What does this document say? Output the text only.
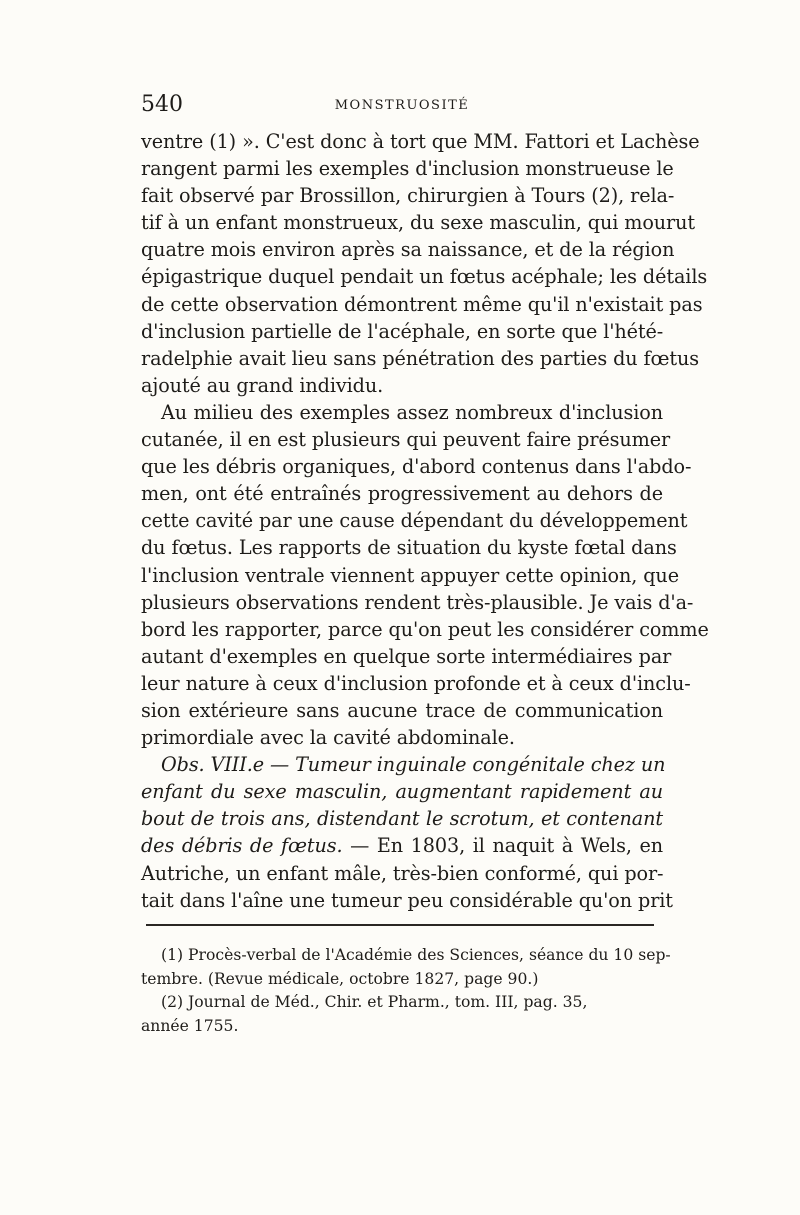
540	MONSTRUOSITÉ
ventre (1) ». C'est donc à tort que MM. Fattori et Lachèse
rangent parmi les exemples d'inclusion monstrueuse le
fait observé par Brossillon, chirurgien à Tours (2), rela-
tif à un enfant monstrueux, du sexe masculin, qui mourut
quatre mois environ après sa naissance, et de la région
épigastrique duquel pendait un fœtus acéphale; les détails
de cette observation démontrent même qu'il n'existait pas
d'inclusion partielle de l'acéphale, en sorte que l'hété-
radelphie avait lieu sans pénétration des parties du fœtus
ajouté au grand individu.
Au milieu des exemples assez nombreux d'inclusion
cutanée, il en est plusieurs qui peuvent faire présumer
que les débris organiques, d'abord contenus dans l'abdo-
men, ont été entraînés progressivement au dehors de
cette cavité par une cause dépendant du développement
du fœtus. Les rapports de situation du kyste fœtal dans
l'inclusion ventrale viennent appuyer cette opinion, que
plusieurs observations rendent très-plausible. Je vais d'a-
bord les rapporter, parce qu'on peut les considérer comme
autant d'exemples en quelque sorte intermédiaires par
leur nature à ceux d'inclusion profonde et à ceux d'inclu-
sion extérieure sans aucune trace de communication
primordiale avec la cavité abdominale.
Obs. VIII.e — Tumeur inguinale congénitale chez un
enfant du sexe masculin, augmentant rapidement au
bout de trois ans, distendant le scrotum, et contenant
des débris de fœtus. — En 1803, il naquit à Wels, en
Autriche, un enfant mâle, très-bien conformé, qui por-
tait dans l'aîne une tumeur peu considérable qu'on prit
(1) Procès-verbal de l'Académie des Sciences, séance du 10 sep-
tembre. (Revue médicale, octobre 1827, page 90.)
(2) Journal de Méd., Chir. et Pharm., tom. III, pag. 35,
année 1755.
